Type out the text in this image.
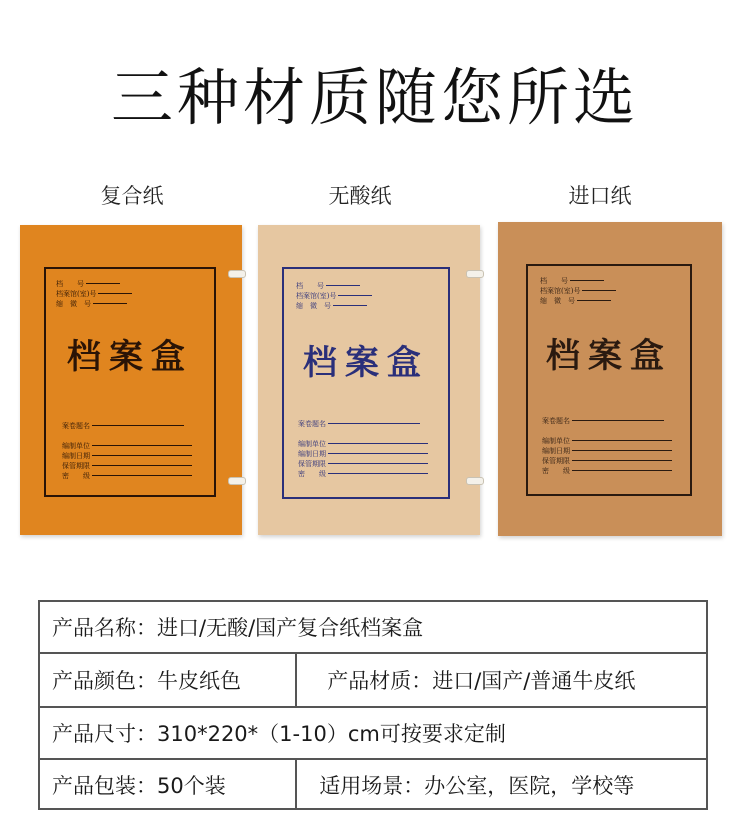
三种材质随您所选
复合纸	无酸纸	进口纸
档　　号
档案馆(室)号
缩　微　号
档案盒
案卷题名
编制单位
编制日期
保管期限
密　　级
档　　号
档案馆(室)号
缩　微　号
档案盒
案卷题名
编制单位
编制日期
保管期限
密　　级
档　　号
档案馆(室)号
缩　微　号
档案盒
案卷题名
编制单位
编制日期
保管期限
密　　级
产品名称：进口/无酸/国产复合纸档案盒
产品颜色：牛皮纸色	产品材质：进口/国产/普通牛皮纸
产品尺寸：310*220*（1-10）cm可按要求定制
产品包装：50个装	适用场景：办公室，医院，学校等
